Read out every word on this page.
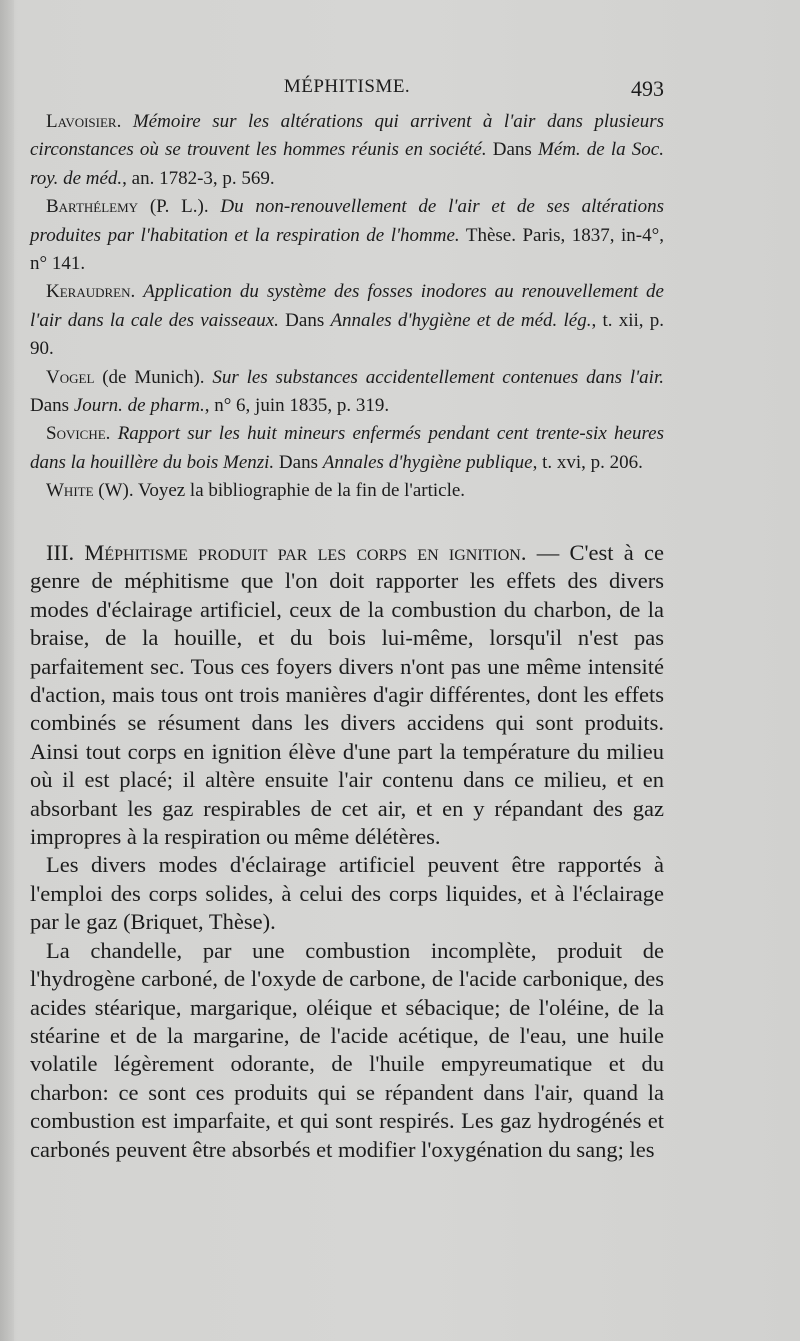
MÉPHITISME.	493

Lavoisier. Mémoire sur les altérations qui arrivent à l'air dans plusieurs circonstances où se trouvent les hommes réunis en société. Dans Mém. de la Soc. roy. de méd., an. 1782-3, p. 569.

Barthélemy (P. L.). Du non-renouvellement de l'air et de ses altérations produites par l'habitation et la respiration de l'homme. Thèse. Paris, 1837, in-4°, n° 141.

Keraudren. Application du système des fosses inodores au renouvellement de l'air dans la cale des vaisseaux. Dans Annales d'hygiène et de méd. lég., t. xii, p. 90.

Vogel (de Munich). Sur les substances accidentellement contenues dans l'air. Dans Journ. de pharm., n° 6, juin 1835, p. 319.

Soviche. Rapport sur les huit mineurs enfermés pendant cent trente-six heures dans la houillère du bois Menzi. Dans Annales d'hygiène publique, t. xvi, p. 206.

White (W). Voyez la bibliographie de la fin de l'article.

III. Méphitisme produit par les corps en ignition. — C'est à ce genre de méphitisme que l'on doit rapporter les effets des divers modes d'éclairage artificiel, ceux de la combustion du charbon, de la braise, de la houille, et du bois lui-même, lorsqu'il n'est pas parfaitement sec. Tous ces foyers divers n'ont pas une même intensité d'action, mais tous ont trois manières d'agir différentes, dont les effets combinés se résument dans les divers accidens qui sont produits. Ainsi tout corps en ignition élève d'une part la température du milieu où il est placé; il altère ensuite l'air contenu dans ce milieu, et en absorbant les gaz respirables de cet air, et en y répandant des gaz impropres à la respiration ou même délétères.

Les divers modes d'éclairage artificiel peuvent être rapportés à l'emploi des corps solides, à celui des corps liquides, et à l'éclairage par le gaz (Briquet, Thèse).

La chandelle, par une combustion incomplète, produit de l'hydrogène carboné, de l'oxyde de carbone, de l'acide carbonique, des acides stéarique, margarique, oléique et sébacique; de l'oléine, de la stéarine et de la margarine, de l'acide acétique, de l'eau, une huile volatile légèrement odorante, de l'huile empyreumatique et du charbon: ce sont ces produits qui se répandent dans l'air, quand la combustion est imparfaite, et qui sont respirés. Les gaz hydrogénés et carbonés peuvent être absorbés et modifier l'oxygénation du sang; les
